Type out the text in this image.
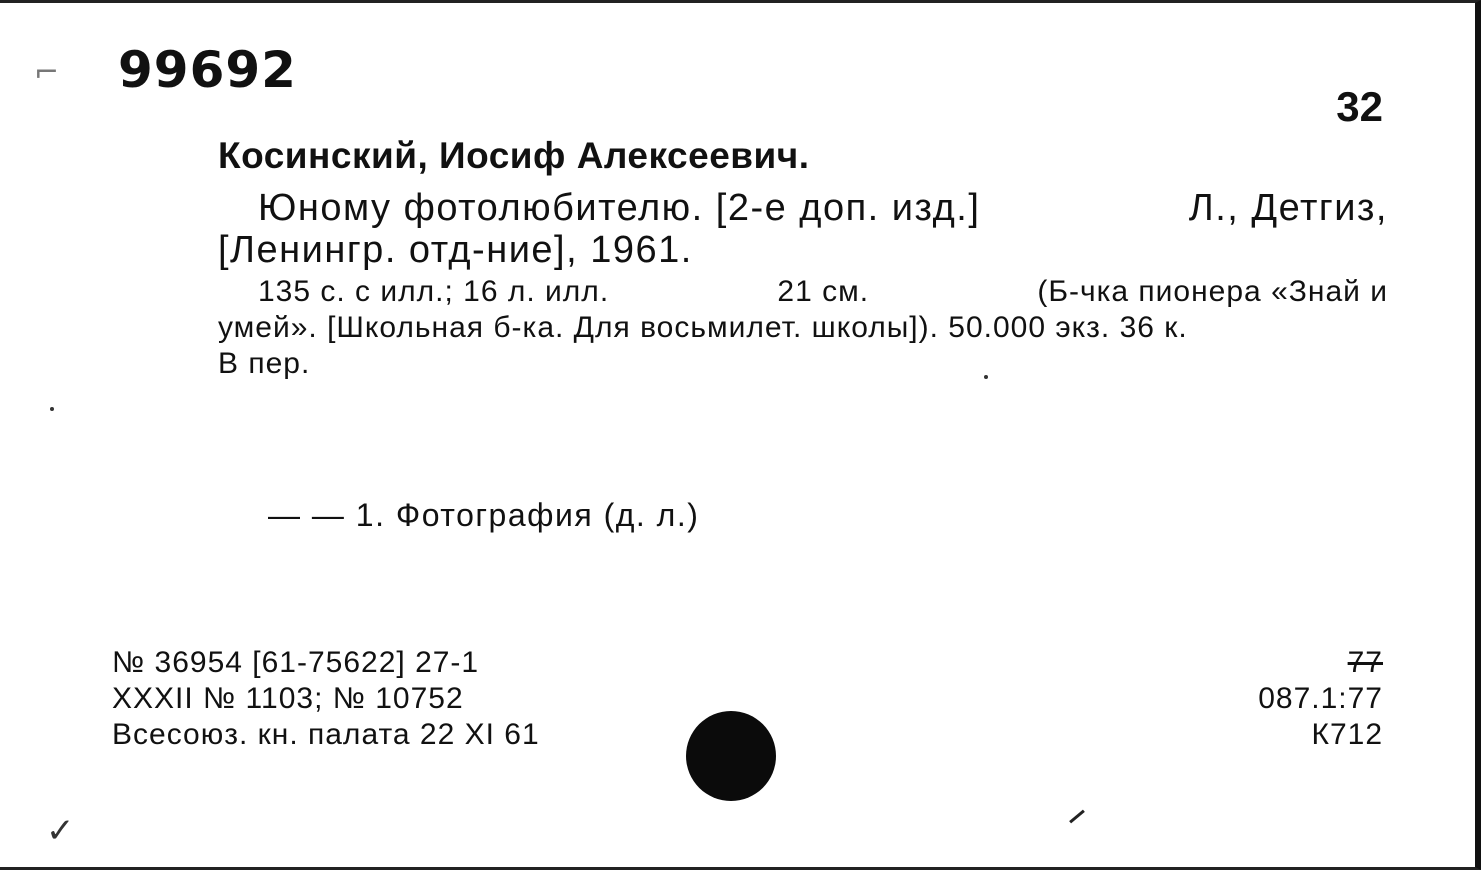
⌐
✓
99692
32
Косинский, Иосиф Алексеевич.
Юному фотолюбителю. [2-е доп. изд.]	Л., Детгиз,
[Ленингр. отд-ние], 1961.
135 с. с илл.; 16 л. илл.	21 см.	(Б-чка пионера «Знай и
умей». [Школьная б-ка. Для восьмилет. школы]). 50.000 экз. 36 к.
В пер.
— — 1. Фотография (д. л.)
№ 36954 [61-75622] 27-1
XXXII № 1103; № 10752
Всесоюз. кн. палата 22 XI 61
77
087.1:77
К712
